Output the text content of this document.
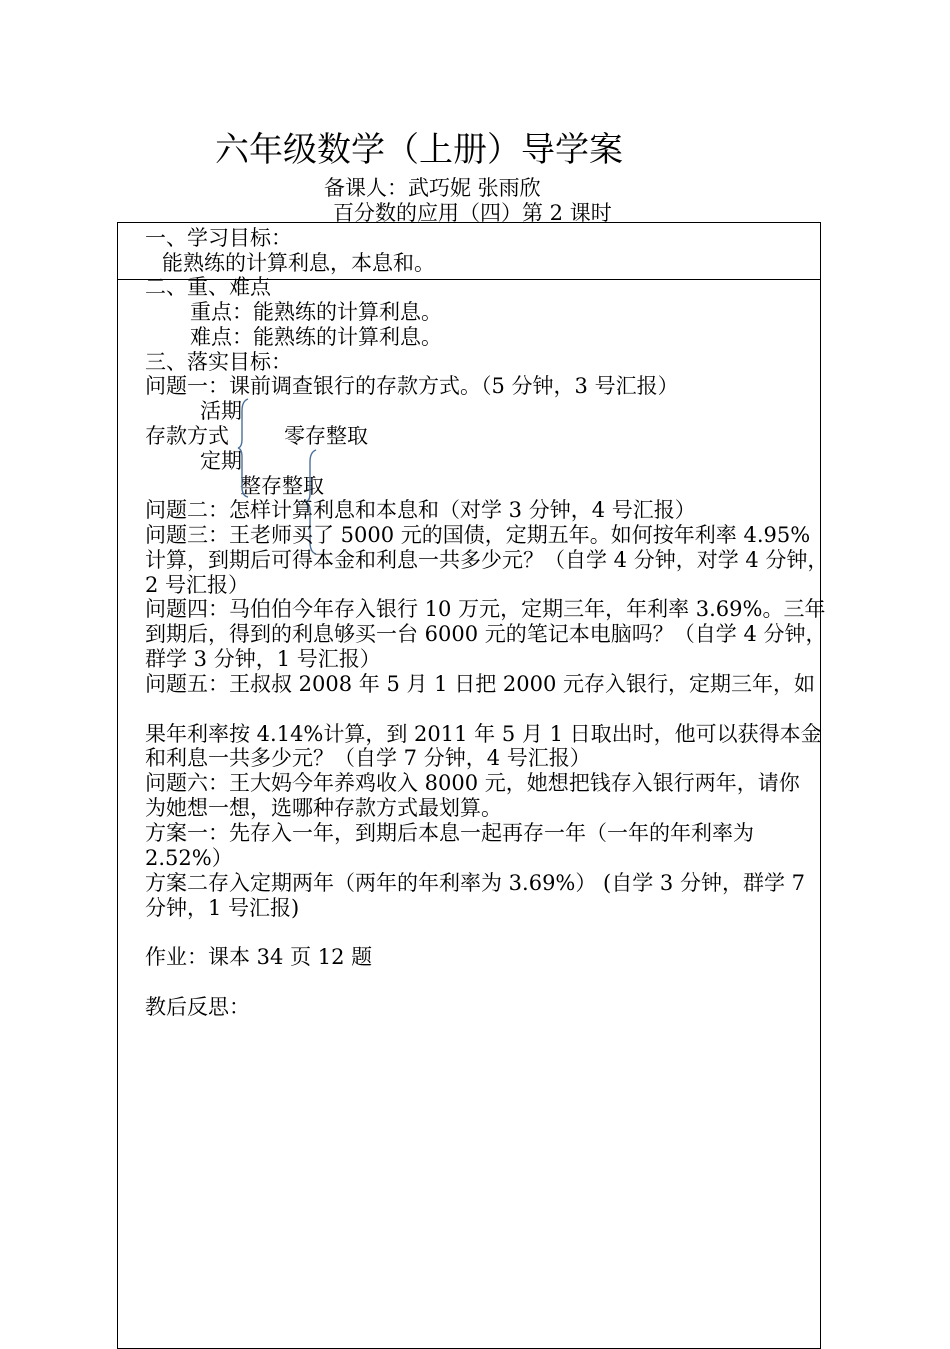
六年级数学（上册）导学案
备课人：武巧妮 张雨欣
百分数的应用（四）第 2 课时
一、学习目标：
能熟练的计算利息，本息和。
二、重、难点
重点：能熟练的计算利息。
难点：能熟练的计算利息。
三、落实目标：
问题一：课前调查银行的存款方式。（5 分钟，3 号汇报）
活期
存款方式	零存整取
定期
整存整取
问题二：怎样计算利息和本息和（对学 3 分钟，4 号汇报）
问题三：王老师买了 5000 元的国债，定期五年。如何按年利率 4.95%
计算，到期后可得本金和利息一共多少元？（自学 4 分钟，对学 4 分钟，
2 号汇报）
问题四：马伯伯今年存入银行 10 万元，定期三年，年利率 3.69%。三年
到期后，得到的利息够买一台 6000 元的笔记本电脑吗？（自学 4 分钟，
群学 3 分钟，1 号汇报）
问题五：王叔叔 2008 年 5 月 1 日把 2000 元存入银行，定期三年，如
果年利率按 4.14%计算，到 2011 年 5 月 1 日取出时，他可以获得本金
和利息一共多少元？（自学 7 分钟，4 号汇报）
问题六：王大妈今年养鸡收入 8000 元，她想把钱存入银行两年，请你
为她想一想，选哪种存款方式最划算。
方案一：先存入一年，到期后本息一起再存一年（一年的年利率为
2.52%）
方案二存入定期两年（两年的年利率为 3.69%） (自学 3 分钟，群学 7
分钟，1 号汇报)
作业：课本 34 页 12 题
教后反思：
